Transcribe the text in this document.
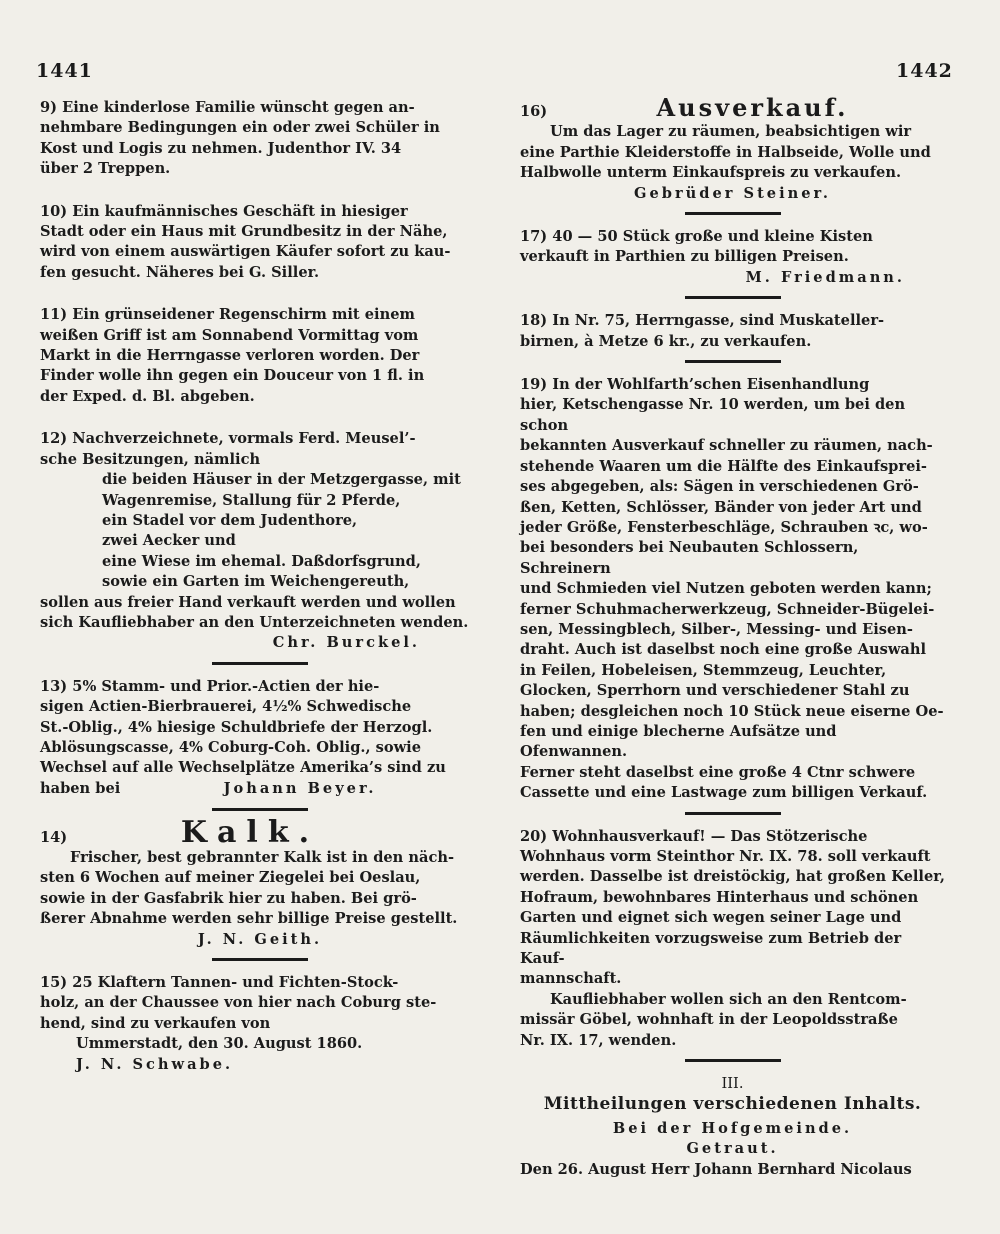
1441	1442

9) Eine kinderlose Familie wünscht gegen an-

nehmbare Bedingungen ein oder zwei Schüler in

Kost und Logis zu nehmen. Judenthor IV. 34

über 2 Treppen.

10) Ein kaufmännisches Geschäft in hiesiger

Stadt oder ein Haus mit Grundbesitz in der Nähe,

wird von einem auswärtigen Käufer sofort zu kau-

fen gesucht. Näheres bei G. Siller.

11) Ein grünseidener Regenschirm mit einem

weißen Griff ist am Sonnabend Vormittag vom

Markt in die Herrngasse verloren worden. Der

Finder wolle ihn gegen ein Douceur von 1 fl. in

der Exped. d. Bl. abgeben.

12) Nachverzeichnete, vormals Ferd. Meusel’-

sche Besitzungen, nämlich

die beiden Häuser in der Metzgergasse, mit

Wagenremise, Stallung für 2 Pferde,

ein Stadel vor dem Judenthore,

zwei Aecker und

eine Wiese im ehemal. Daßdorfsgrund,

sowie ein Garten im Weichengereuth,

sollen aus freier Hand verkauft werden und wollen

sich Kaufliebhaber an den Unterzeichneten wenden.

Chr. Burckel.

13) 5% Stamm- und Prior.-Actien der hie-

sigen Actien-Bierbrauerei, 4½% Schwedische

St.-Oblig., 4% hiesige Schuldbriefe der Herzogl.

Ablösungscasse, 4% Coburg-Coh. Oblig., sowie

Wechsel auf alle Wechselplätze Amerika’s sind zu

haben bei	Johann Beyer.

14)	Kalk.

Frischer, best gebrannter Kalk ist in den näch-

sten 6 Wochen auf meiner Ziegelei bei Oeslau,

sowie in der Gasfabrik hier zu haben. Bei grö-

ßerer Abnahme werden sehr billige Preise gestellt.

J. N. Geith.

15) 25 Klaftern Tannen- und Fichten-Stock-

holz, an der Chaussee von hier nach Coburg ste-

hend, sind zu verkaufen von

Ummerstadt, den 30. August 1860.

J. N. Schwabe.

16)	Ausverkauf.

Um das Lager zu räumen, beabsichtigen wir

eine Parthie Kleiderstoffe in Halbseide, Wolle und

Halbwolle unterm Einkaufspreis zu verkaufen.

Gebrüder Steiner.

17) 40 — 50 Stück große und kleine Kisten

verkauft in Parthien zu billigen Preisen.

M. Friedmann.

18) In Nr. 75, Herrngasse, sind Muskateller-

birnen, à Metze 6 kr., zu verkaufen.

19) In der Wohlfarth’schen Eisenhandlung

hier, Ketschengasse Nr. 10 werden, um bei den schon

bekannten Ausverkauf schneller zu räumen, nach-

stehende Waaren um die Hälfte des Einkaufsprei-

ses abgegeben, als: Sägen in verschiedenen Grö-

ßen, Ketten, Schlösser, Bänder von jeder Art und

jeder Größe, Fensterbeschläge, Schrauben ꝛc, wo-

bei besonders bei Neubauten Schlossern, Schreinern

und Schmieden viel Nutzen geboten werden kann;

ferner Schuhmacherwerkzeug, Schneider-Bügelei-

sen, Messingblech, Silber-, Messing- und Eisen-

draht. Auch ist daselbst noch eine große Auswahl

in Feilen, Hobeleisen, Stemmzeug, Leuchter,

Glocken, Sperrhorn und verschiedener Stahl zu

haben; desgleichen noch 10 Stück neue eiserne Oe-

fen und einige blecherne Aufsätze und Ofenwannen.

Ferner steht daselbst eine große 4 Ctnr schwere

Cassette und eine Lastwage zum billigen Verkauf.

20) Wohnhausverkauf! — Das Stötzerische

Wohnhaus vorm Steinthor Nr. IX. 78. soll verkauft

werden. Dasselbe ist dreistöckig, hat großen Keller,

Hofraum, bewohnbares Hinterhaus und schönen

Garten und eignet sich wegen seiner Lage und

Räumlichkeiten vorzugsweise zum Betrieb der Kauf-

mannschaft.

Kaufliebhaber wollen sich an den Rentcom-

missär Göbel, wohnhaft in der Leopoldsstraße

Nr. IX. 17, wenden.

III.

Mittheilungen verschiedenen Inhalts.

Bei der Hofgemeinde.

Getraut.

Den 26. August Herr Johann Bernhard Nicolaus
